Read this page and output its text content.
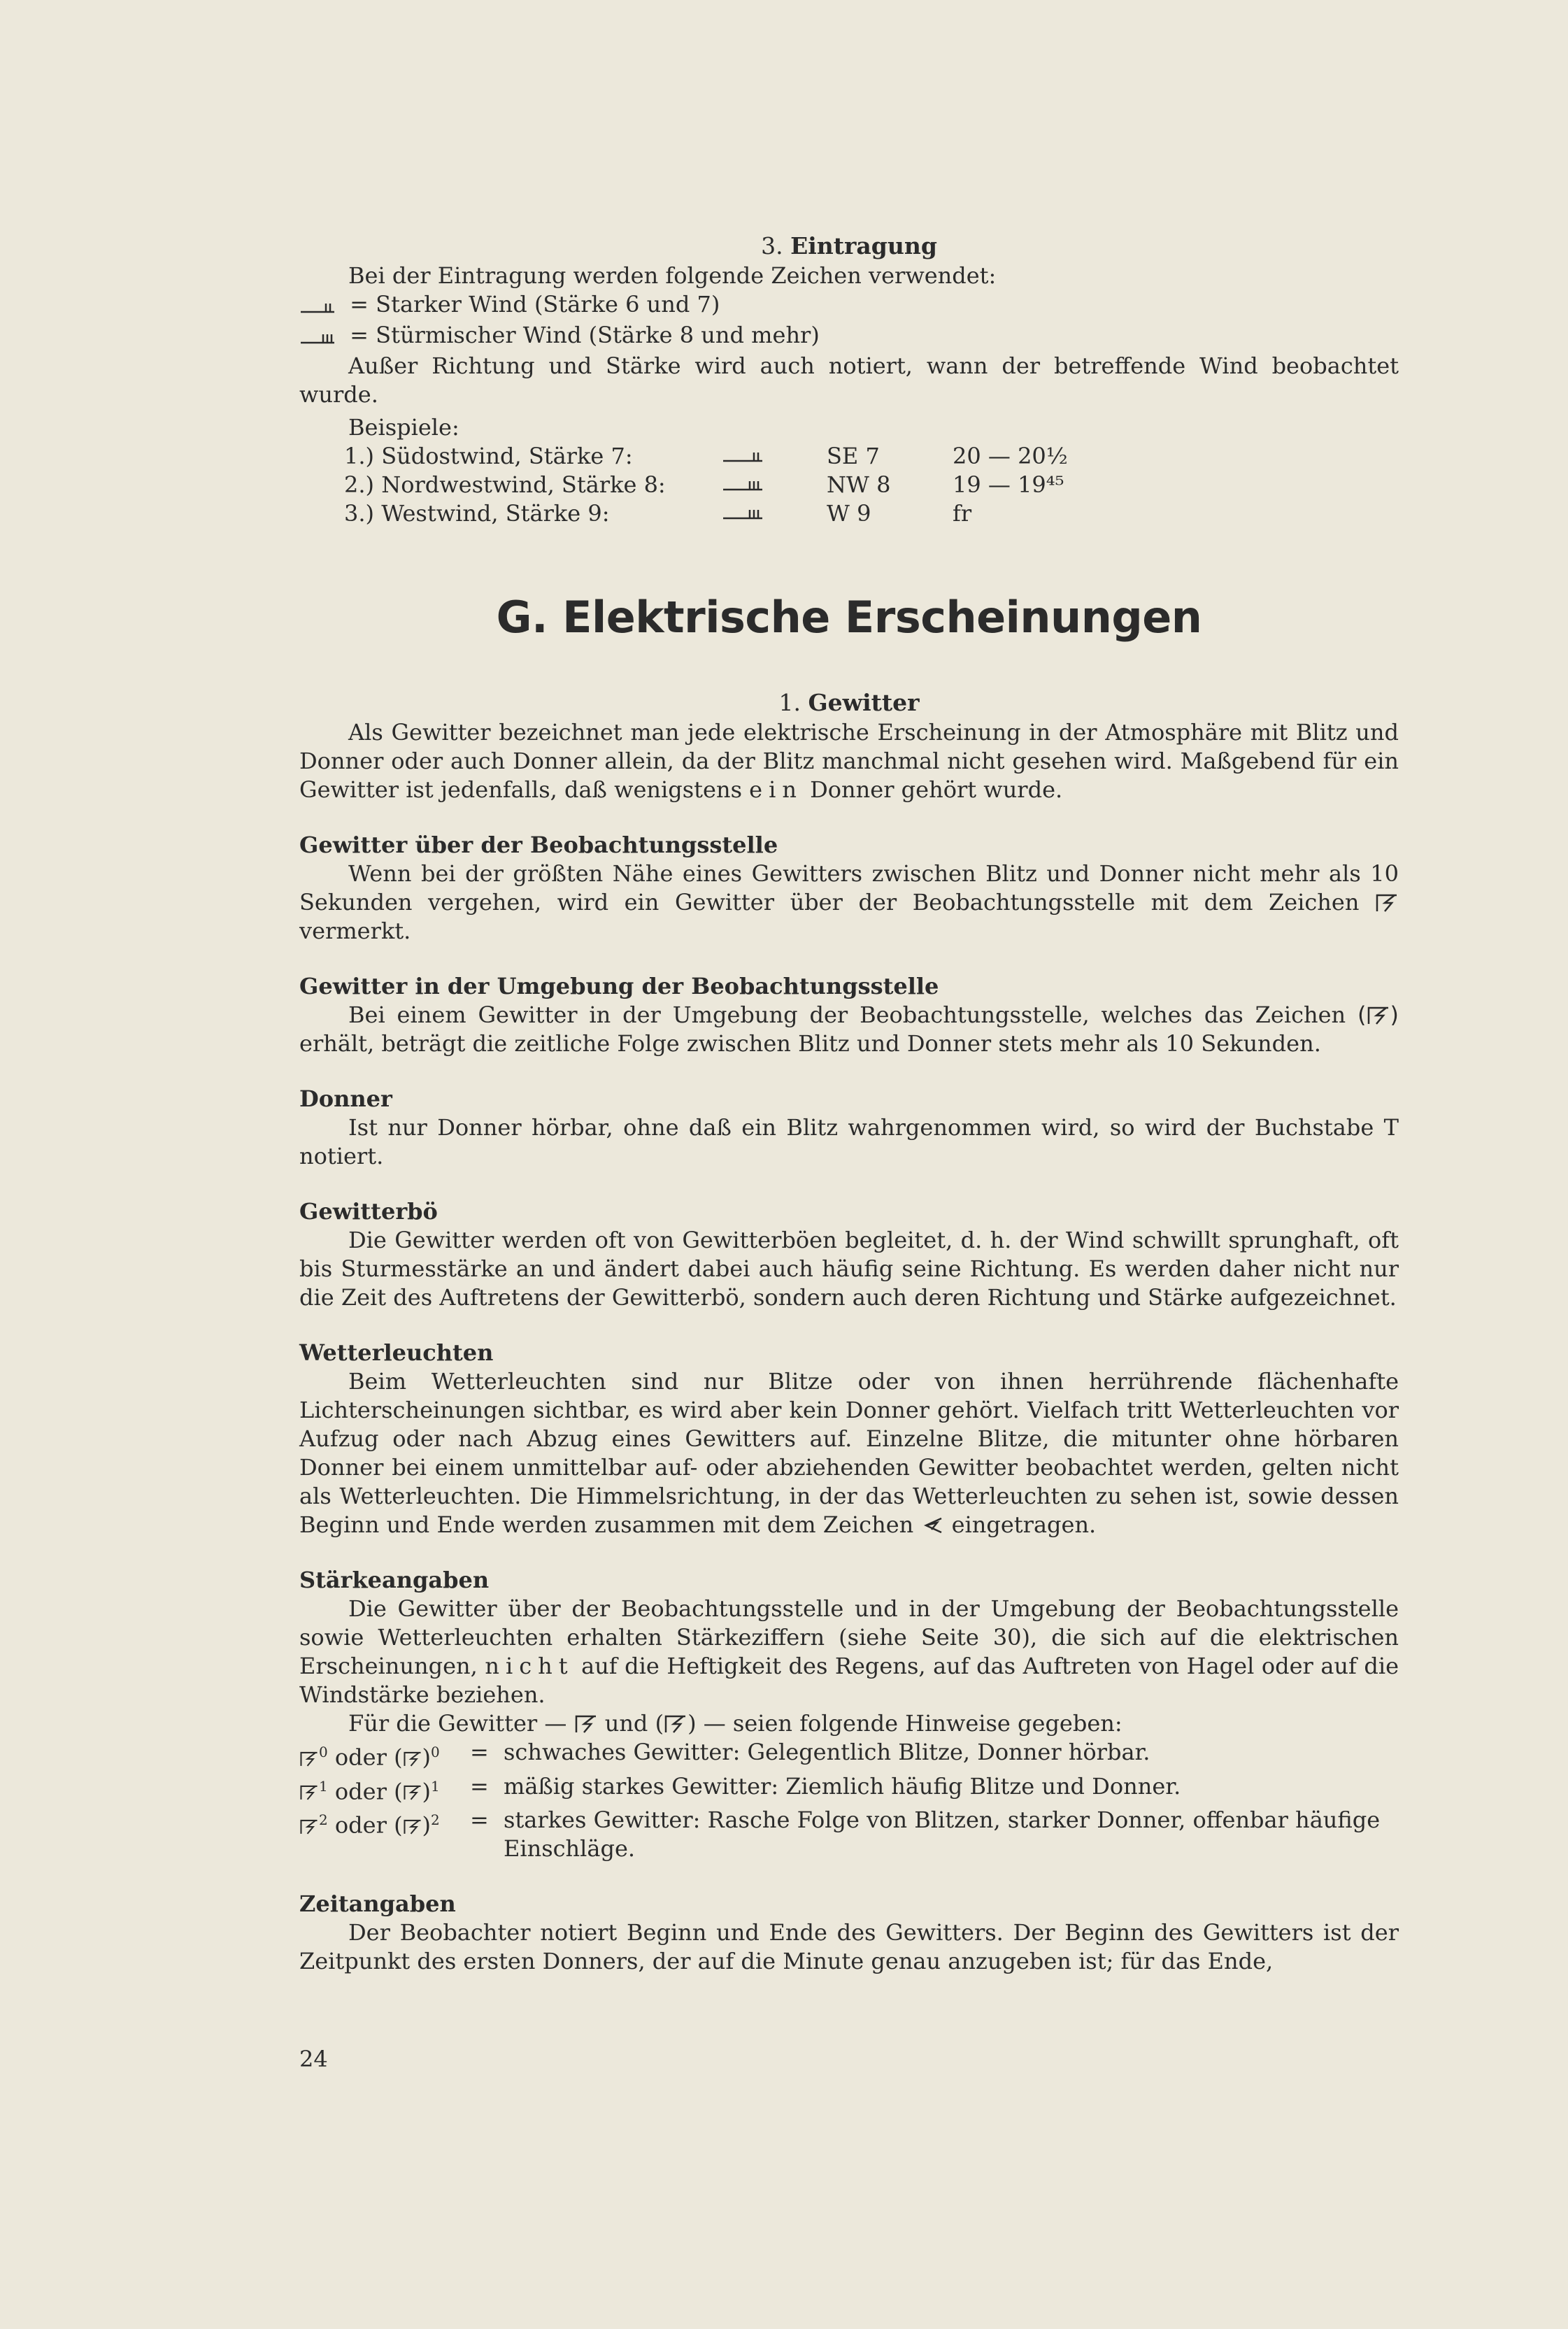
3. Eintragung

Bei der Eintragung werden folgende Zeichen verwendet:

= Starker Wind (Stärke 6 und 7)

= Stürmischer Wind (Stärke 8 und mehr)

Außer Richtung und Stärke wird auch notiert, wann der betreffende Wind beobachtet wurde.

Beispiele:

1.) Südostwind, Stärke 7:	SE 7	20 — 20½
2.) Nordwestwind, Stärke 8:	NW 8	19 — 19⁴⁵
3.) Westwind, Stärke 9:	W 9	fr
G. Elektrische Erscheinungen

1. Gewitter

Als Gewitter bezeichnet man jede elektrische Erscheinung in der Atmosphäre mit Blitz und Donner oder auch Donner allein, da der Blitz manchmal nicht gesehen wird. Maßgebend für ein Gewitter ist jedenfalls, daß wenigstens ein Donner gehört wurde.

Gewitter über der Beobachtungsstelle

Wenn bei der größten Nähe eines Gewitters zwischen Blitz und Donner nicht mehr als 10 Sekunden vergehen, wird ein Gewitter über der Beobachtungsstelle mit dem Zeichen  vermerkt.

Gewitter in der Umgebung der Beobachtungsstelle

Bei einem Gewitter in der Umgebung der Beobachtungsstelle, welches das Zeichen ( ) erhält, beträgt die zeitliche Folge zwischen Blitz und Donner stets mehr als 10 Sekunden.

Donner

Ist nur Donner hörbar, ohne daß ein Blitz wahrgenommen wird, so wird der Buchstabe T notiert.

Gewitterbö

Die Gewitter werden oft von Gewitterböen begleitet, d. h. der Wind schwillt sprunghaft, oft bis Sturmesstärke an und ändert dabei auch häufig seine Richtung. Es werden daher nicht nur die Zeit des Auftretens der Gewitterbö, sondern auch deren Richtung und Stärke aufgezeichnet.

Wetterleuchten

Beim Wetterleuchten sind nur Blitze oder von ihnen herrührende flächenhafte Lichterscheinungen sichtbar, es wird aber kein Donner gehört. Vielfach tritt Wetterleuchten vor Aufzug oder nach Abzug eines Gewitters auf. Einzelne Blitze, die mitunter ohne hörbaren Donner bei einem unmittelbar auf- oder abziehenden Gewitter beobachtet werden, gelten nicht als Wetterleuchten. Die Himmelsrichtung, in der das Wetterleuchten zu sehen ist, sowie dessen Beginn und Ende werden zusammen mit dem Zeichen eingetragen.

Stärkeangaben

Die Gewitter über der Beobachtungsstelle und in der Umgebung der Beobachtungsstelle sowie Wetterleuchten erhalten Stärkeziffern (siehe Seite 30), die sich auf die elektrischen Erscheinungen, nicht auf die Heftigkeit des Regens, auf das Auftreten von Hagel oder auf die Windstärke beziehen.

Für die Gewitter — und ( ) — seien folgende Hinweise gegeben:

$^0$ oder ( )$^0$	= schwaches Gewitter: Gelegentlich Blitze, Donner hörbar.
$^1$ oder ( )$^1$	= mäßig starkes Gewitter: Ziemlich häufig Blitze und Donner.
$^2$ oder ( )$^2$	= starkes Gewitter: Rasche Folge von Blitzen, starker Donner, offenbar häufige Einschläge.

Zeitangaben

Der Beobachter notiert Beginn und Ende des Gewitters. Der Beginn des Gewitters ist der Zeitpunkt des ersten Donners, der auf die Minute genau anzugeben ist; für das Ende,

24
